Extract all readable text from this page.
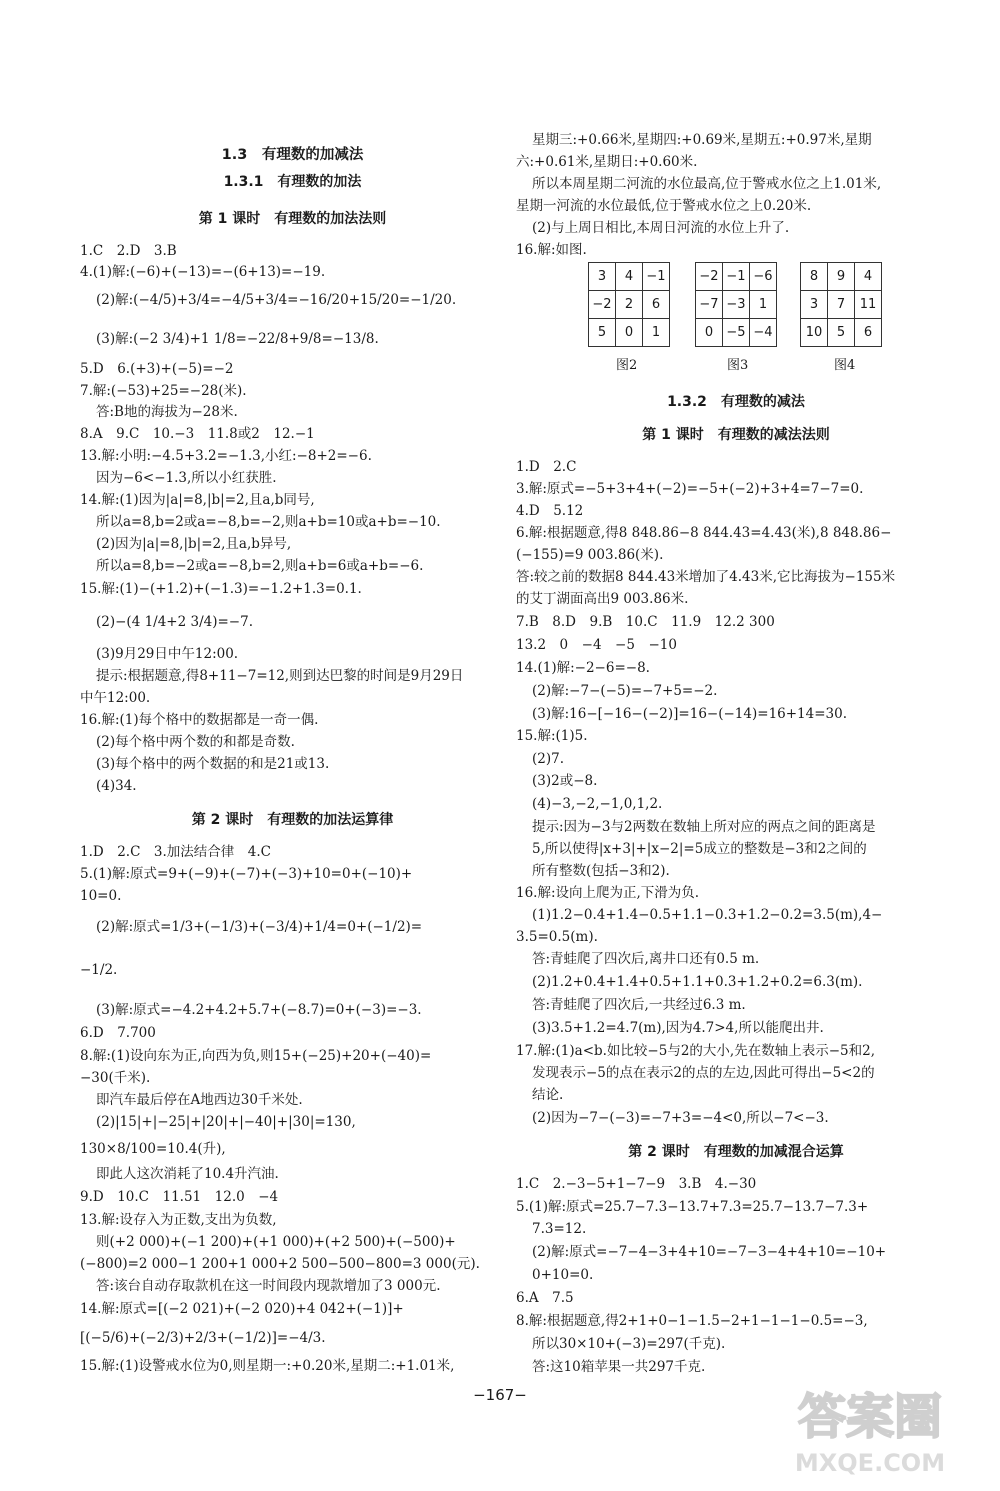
1.3　有理数的加减法
1.3.1　有理数的加法
第 1 课时　有理数的加法法则
1.C　2.D　3.B
4.(1)解:(−6)+(−13)=−(6+13)=−19.
(2)解:(−4/5)+3/4=−4/5+3/4=−16/20+15/20=−1/20.
(3)解:(−2 3/4)+1 1/8=−22/8+9/8=−13/8.
5.D　6.(+3)+(−5)=−2
7.解:(−53)+25=−28(米).
答:B地的海拔为−28米.
8.A　9.C　10.−3　11.8或2　12.−1
13.解:小明:−4.5+3.2=−1.3,小红:−8+2=−6.
因为−6<−1.3,所以小红获胜.
14.解:(1)因为|a|=8,|b|=2,且a,b同号,
所以a=8,b=2或a=−8,b=−2,则a+b=10或a+b=−10.
(2)因为|a|=8,|b|=2,且a,b异号,
所以a=8,b=−2或a=−8,b=2,则a+b=6或a+b=−6.
15.解:(1)−(+1.2)+(−1.3)=−1.2+1.3=0.1.
(2)−(4 1/4+2 3/4)=−7.
(3)9月29日中午12:00.
提示:根据题意,得8+11−7=12,则到达巴黎的时间是9月29日
中午12:00.
16.解:(1)每个格中的数据都是一奇一偶.
(2)每个格中两个数的和都是奇数.
(3)每个格中的两个数据的和是21或13.
(4)34.
第 2 课时　有理数的加法运算律
1.D　2.C　3.加法结合律　4.C
5.(1)解:原式=9+(−9)+(−7)+(−3)+10=0+(−10)+
10=0.
(2)解:原式=1/3+(−1/3)+(−3/4)+1/4=0+(−1/2)=
−1/2.
(3)解:原式=−4.2+4.2+5.7+(−8.7)=0+(−3)=−3.
6.D　7.700
8.解:(1)设向东为正,向西为负,则15+(−25)+20+(−40)=
−30(千米).
即汽车最后停在A地西边30千米处.
(2)|15|+|−25|+|20|+|−40|+|30|=130,
130×8/100=10.4(升),
即此人这次消耗了10.4升汽油.
9.D　10.C　11.51　12.0　−4
13.解:设存入为正数,支出为负数,
则(+2 000)+(−1 200)+(+1 000)+(+2 500)+(−500)+
(−800)=2 000−1 200+1 000+2 500−500−800=3 000(元).
答:该台自动存取款机在这一时间段内现款增加了3 000元.
14.解:原式=[(−2 021)+(−2 020)+4 042+(−1)]+
[(−5/6)+(−2/3)+2/3+(−1/2)]=−4/3.
15.解:(1)设警戒水位为0,则星期一:+0.20米,星期二:+1.01米,
星期三:+0.66米,星期四:+0.69米,星期五:+0.97米,星期
六:+0.61米,星期日:+0.60米.
所以本周星期二河流的水位最高,位于警戒水位之上1.01米,
星期一河流的水位最低,位于警戒水位之上0.20米.
(2)与上周日相比,本周日河流的水位上升了.
16.解:如图.
3	4	−1
−2	2	6
5	0	1
图2
−2	−1	−6
−7	−3	1
0	−5	−4
图3
8	9	4
3	7	11
10	5	6
图4
1.3.2　有理数的减法
第 1 课时　有理数的减法法则
1.D　2.C
3.解:原式=−5+3+4+(−2)=−5+(−2)+3+4=7−7=0.
4.D　5.12
6.解:根据题意,得8 848.86−8 844.43=4.43(米),8 848.86−
(−155)=9 003.86(米).
答:较之前的数据8 844.43米增加了4.43米,它比海拔为−155米
的艾丁湖面高出9 003.86米.
7.B　8.D　9.B　10.C　11.9　12.2 300
13.2　0　−4　−5　−10
14.(1)解:−2−6=−8.
(2)解:−7−(−5)=−7+5=−2.
(3)解:16−[−16−(−2)]=16−(−14)=16+14=30.
15.解:(1)5.
(2)7.
(3)2或−8.
(4)−3,−2,−1,0,1,2.
提示:因为−3与2两数在数轴上所对应的两点之间的距离是
5,所以使得|x+3|+|x−2|=5成立的整数是−3和2之间的
所有整数(包括−3和2).
16.解:设向上爬为正,下滑为负.
(1)1.2−0.4+1.4−0.5+1.1−0.3+1.2−0.2=3.5(m),4−
3.5=0.5(m).
答:青蛙爬了四次后,离井口还有0.5 m.
(2)1.2+0.4+1.4+0.5+1.1+0.3+1.2+0.2=6.3(m).
答:青蛙爬了四次后,一共经过6.3 m.
(3)3.5+1.2=4.7(m),因为4.7>4,所以能爬出井.
17.解:(1)a<b.如比较−5与2的大小,先在数轴上表示−5和2,
发现表示−5的点在表示2的点的左边,因此可得出−5<2的
结论.
(2)因为−7−(−3)=−7+3=−4<0,所以−7<−3.
第 2 课时　有理数的加减混合运算
1.C　2.−3−5+1−7−9　3.B　4.−30
5.(1)解:原式=25.7−7.3−13.7+7.3=25.7−13.7−7.3+
7.3=12.
(2)解:原式=−7−4−3+4+10=−7−3−4+4+10=−10+
0+10=0.
6.A　7.5
8.解:根据题意,得2+1+0−1−1.5−2+1−1−1−0.5=−3,
所以30×10+(−3)=297(千克).
答:这10箱苹果一共297千克.
−167−	答案圈
MXQE.COM
